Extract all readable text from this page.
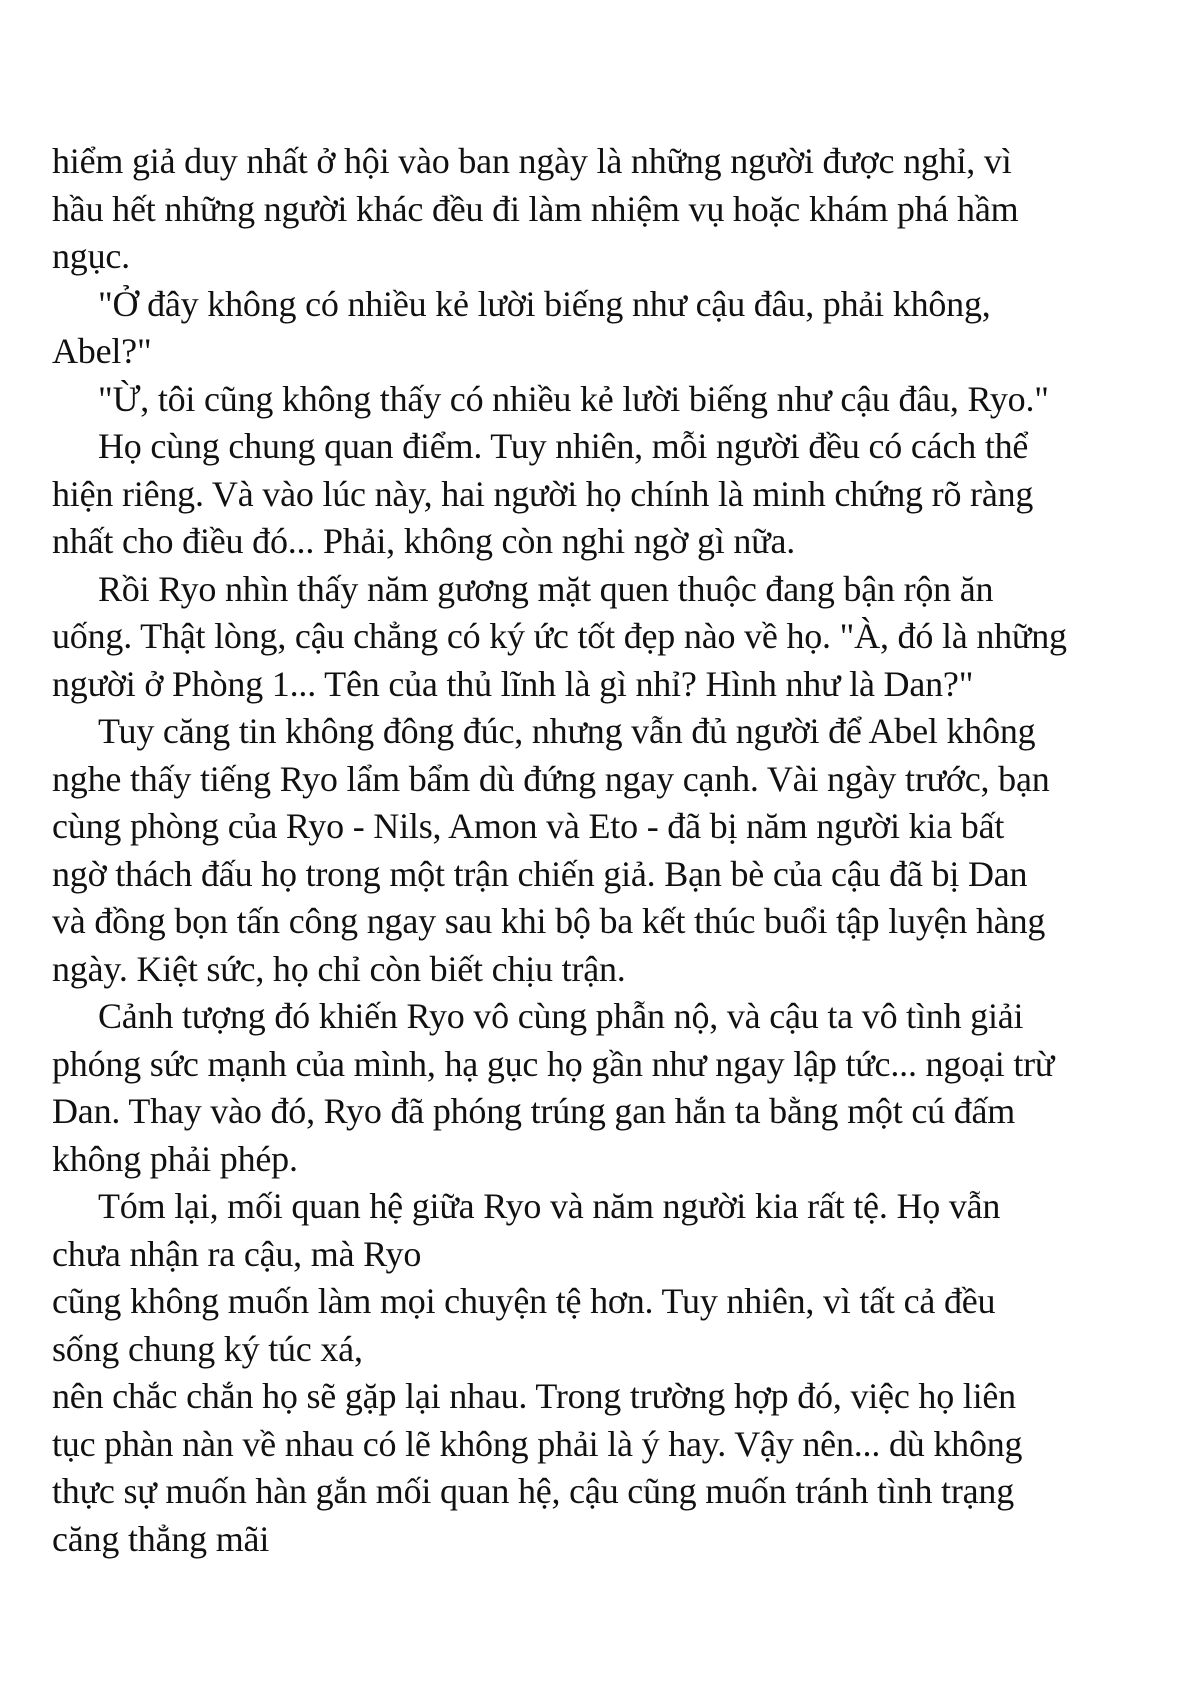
hiểm giả duy nhất ở hội vào ban ngày là những người được nghỉ, vì
hầu hết những người khác đều đi làm nhiệm vụ hoặc khám phá hầm
ngục.
"Ở đây không có nhiều kẻ lười biếng như cậu đâu, phải không,
Abel?"
"Ừ, tôi cũng không thấy có nhiều kẻ lười biếng như cậu đâu, Ryo."
Họ cùng chung quan điểm. Tuy nhiên, mỗi người đều có cách thể
hiện riêng. Và vào lúc này, hai người họ chính là minh chứng rõ ràng
nhất cho điều đó... Phải, không còn nghi ngờ gì nữa.
Rồi Ryo nhìn thấy năm gương mặt quen thuộc đang bận rộn ăn
uống. Thật lòng, cậu chẳng có ký ức tốt đẹp nào về họ. "À, đó là những
người ở Phòng 1... Tên của thủ lĩnh là gì nhỉ? Hình như là Dan?"
Tuy căng tin không đông đúc, nhưng vẫn đủ người để Abel không
nghe thấy tiếng Ryo lẩm bẩm dù đứng ngay cạnh. Vài ngày trước, bạn
cùng phòng của Ryo - Nils, Amon và Eto - đã bị năm người kia bất
ngờ thách đấu họ trong một trận chiến giả. Bạn bè của cậu đã bị Dan
và đồng bọn tấn công ngay sau khi bộ ba kết thúc buổi tập luyện hàng
ngày. Kiệt sức, họ chỉ còn biết chịu trận.
Cảnh tượng đó khiến Ryo vô cùng phẫn nộ, và cậu ta vô tình giải
phóng sức mạnh của mình, hạ gục họ gần như ngay lập tức... ngoại trừ
Dan. Thay vào đó, Ryo đã phóng trúng gan hắn ta bằng một cú đấm
không phải phép.
Tóm lại, mối quan hệ giữa Ryo và năm người kia rất tệ. Họ vẫn
chưa nhận ra cậu, mà Ryo
cũng không muốn làm mọi chuyện tệ hơn. Tuy nhiên, vì tất cả đều
sống chung ký túc xá,
nên chắc chắn họ sẽ gặp lại nhau. Trong trường hợp đó, việc họ liên
tục phàn nàn về nhau có lẽ không phải là ý hay. Vậy nên... dù không
thực sự muốn hàn gắn mối quan hệ, cậu cũng muốn tránh tình trạng
căng thẳng mãi
